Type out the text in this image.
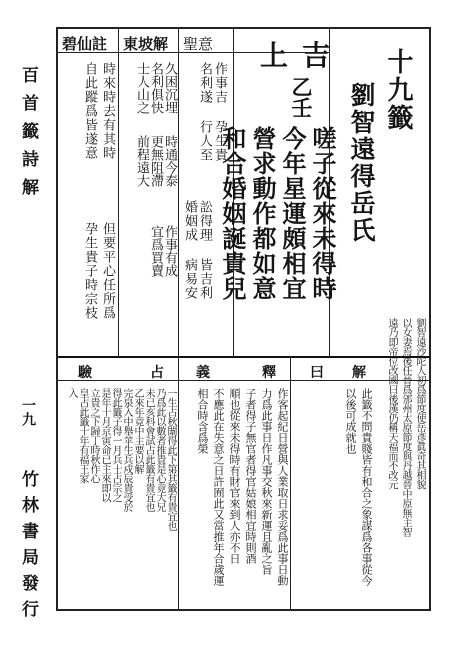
百首籤詩解
一九
竹林書局發行
十九籤
劉智遠得岳氏
上吉
乙壬
嗟子從來未得時
今年星運頗相宜
營求動作都如意
和合婚姻誕貴兒
劉智遠沙陀人初爲節度使岳彥眞奇其相貌
以女妻焉後任晉爲邠州太原節度與丹越晉中原無主智
遠乃即帝位改國曰後漢仍稱天福而不改元
聖意
作事吉 孕生貴
名利遂 行人至
婚姻成 病易安 訟得理 皆吉利
東坡解
久困沉埋
名利俱快
士人山之
時通今泰
更無阻滯
前程遠大
作事有成
宜爲買賣
碧仙註
時來時去有其時
自此蹤爲皆遂意
但要平心任所爲
孕生貴子時宗枝
解
曰
此籤不問貴賤皆有和合之象謀爲各事從今
以後可成就也
釋
義
作客起紀日營與人業取日求妥爲此事日動
力爲此事日作凡事交秋來新運且亂之旨
子者得子無官者得官姑娘相宜時則酒
順也從來未得時有財官來到人亦不日
不應此在失意之日許囿此又當推年合歲運
相合時含爲榮
占
驗
一生占秋闈得此下第其籤有貴宜也
乃爲此以數者推貴是心竟大兄
未已亥科會試占此籤有貴宜也
乙來年竟中主要以解
完泉入中舉苹生兵戍辰貴受於
得此籤子得一月兵士占宗之
是年十月京寅命已主來即以
立貴之下歸丁時秋作心
皇占此籤十年有福王家
入
